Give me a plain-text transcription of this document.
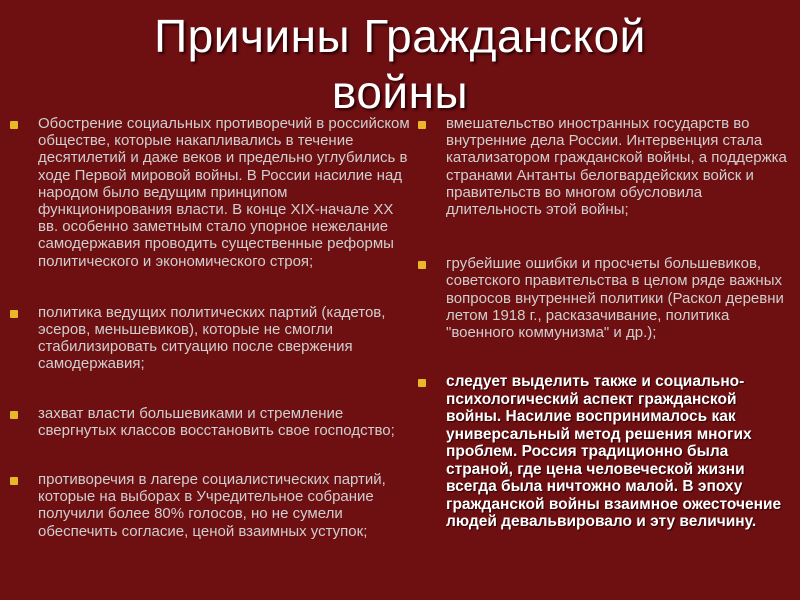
Причины Гражданской
войны

Обострение социальных противоречий в российском обществе, которые накапливались в течение десятилетий и даже веков и предельно углубились в ходе Первой мировой войны. В России насилие над народом было ведущим принципом функционирования власти. В конце XIX-начале XX вв. особенно заметным стало упорное нежелание самодержавия проводить существенные реформы политического и экономического строя;

политика ведущих политических партий (кадетов, эсеров, меньшевиков), которые не смогли стабилизировать ситуацию после свержения самодержавия;

захват власти большевиками и стремление свергнутых классов восстановить свое господство;

противоречия в лагере социалистических партий, которые на выборах в Учредительное собрание получили более 80% голосов, но не сумели обеспечить согласие, ценой взаимных уступок;

вмешательство иностранных государств во внутренние дела России. Интервенция стала катализатором гражданской войны, а поддержка странами Антанты белогвардейских войск и правительств во многом обусловила длительность этой войны;

грубейшие ошибки и просчеты большевиков, советского правительства в целом ряде важных вопросов внутренней политики (Раскол деревни летом 1918 г., расказачивание, политика "военного коммунизма" и др.);

следует выделить также и социально-психологический аспект гражданской войны. Насилие воспринималось как универсальный метод решения многих проблем. Россия традиционно была страной, где цена человеческой жизни всегда была ничтожно малой. В эпоху гражданской войны взаимное ожесточение людей девальвировало и эту величину.
